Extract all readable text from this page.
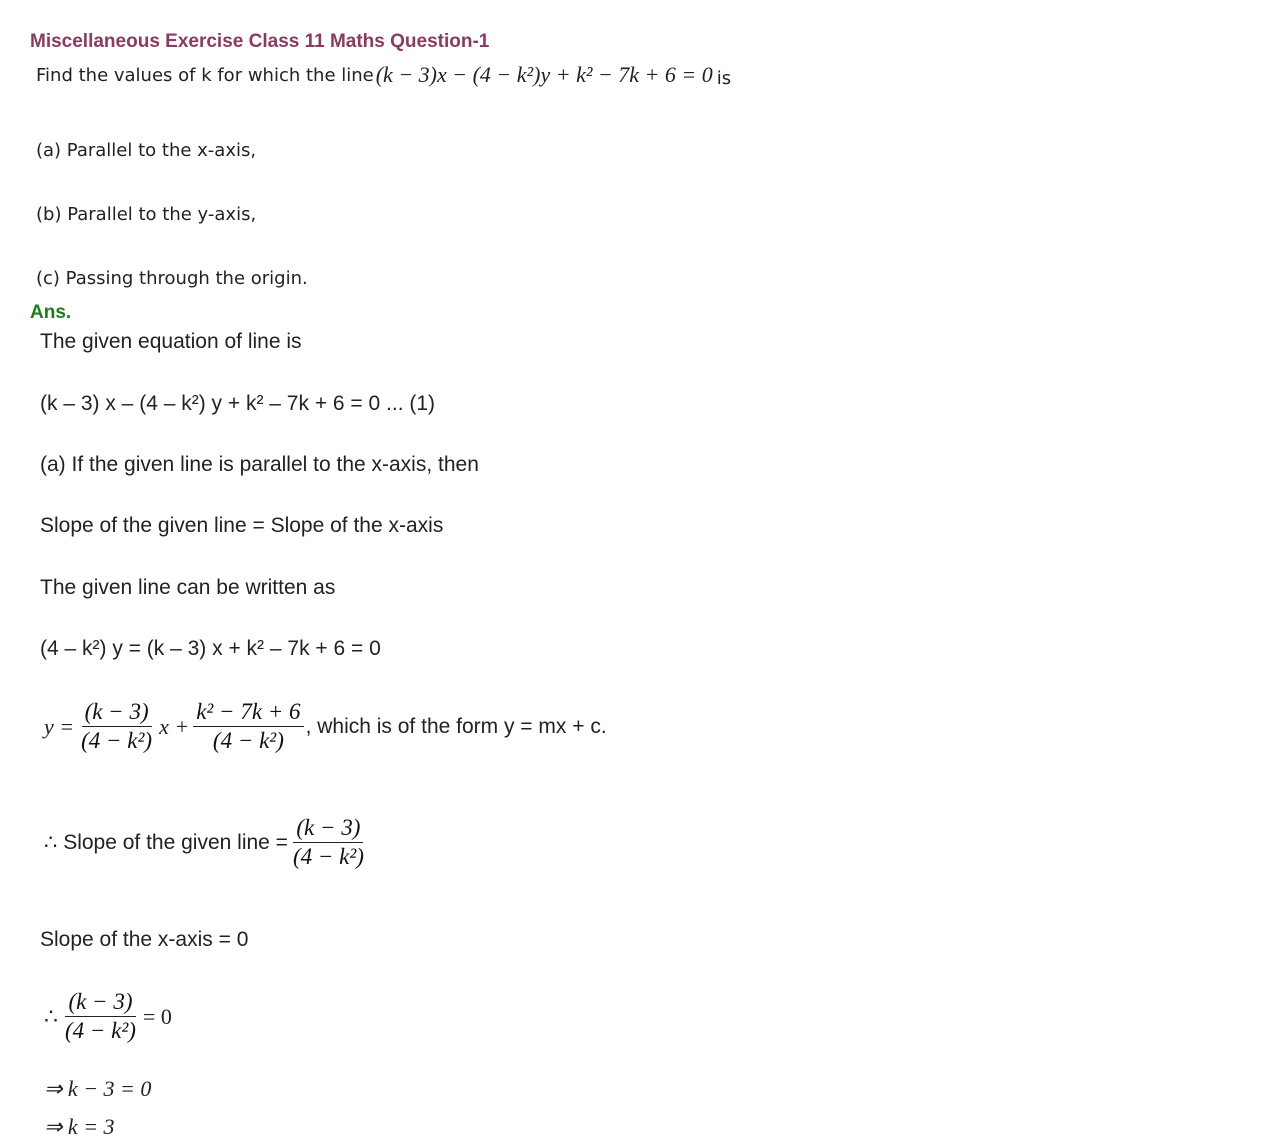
Miscellaneous Exercise Class 11 Maths Question-1
Find the values of k for which the line (k − 3)x − (4 − k²)y + k² − 7k + 6 = 0 is
(a) Parallel to the x-axis,
(b) Parallel to the y-axis,
(c) Passing through the origin.
Ans.
The given equation of line is
(k – 3) x – (4 – k²) y + k² – 7k + 6 = 0 ... (1)
(a) If the given line is parallel to the x-axis, then
Slope of the given line = Slope of the x-axis
The given line can be written as
(4 – k²) y = (k – 3) x + k² – 7k + 6 = 0
$y = \frac{(k - 3)}{\text{(4 − k²)}}$ $x + \frac{\text{k² − 7k + 6}}{\text{(4 − k²)}}$ , which is of the form y = mx + c.
∴ Slope of the given line = $\frac{(k - 3)}{\text{(4 − k²)}}$
Slope of the x-axis = 0
∴ $\frac{(k - 3)}{\text{(4 − k²)}} = 0$
⇒ k − 3 = 0
⇒ k = 3
